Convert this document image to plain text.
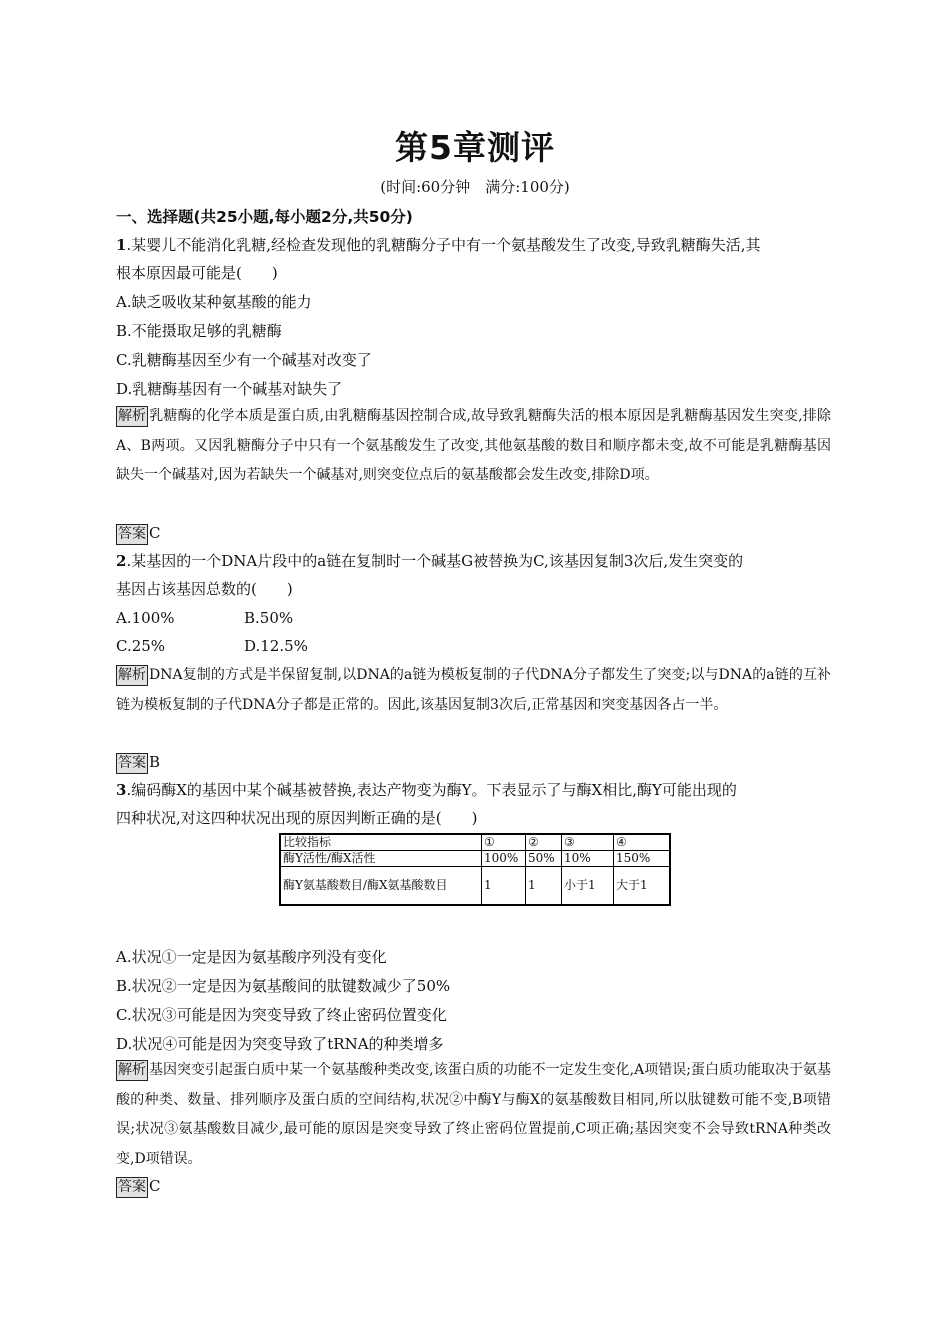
第5章测评
(时间:60分钟　满分:100分)
一、选择题(共25小题,每小题2分,共50分)
1.某婴儿不能消化乳糖,经检查发现他的乳糖酶分子中有一个氨基酸发生了改变,导致乳糖酶失活,其
根本原因最可能是(　　)
A.缺乏吸收某种氨基酸的能力
B.不能摄取足够的乳糖酶
C.乳糖酶基因至少有一个碱基对改变了
D.乳糖酶基因有一个碱基对缺失了
解析 乳糖酶的化学本质是蛋白质,由乳糖酶基因控制合成,故导致乳糖酶失活的根本原因是乳糖酶基因发生突变,排除A、B两项。又因乳糖酶分子中只有一个氨基酸发生了改变,其他氨基酸的数目和顺序都未变,故不可能是乳糖酶基因缺失一个碱基对,因为若缺失一个碱基对,则突变位点后的氨基酸都会发生改变,排除D项。
答案 C
2.某基因的一个DNA片段中的a链在复制时一个碱基G被替换为C,该基因复制3次后,发生突变的
基因占该基因总数的(　　)
A.100%	B.50%
C.25%	D.12.5%
解析 DNA复制的方式是半保留复制,以DNA的a链为模板复制的子代DNA分子都发生了突变;以与DNA的a链的互补链为模板复制的子代DNA分子都是正常的。因此,该基因复制3次后,正常基因和突变基因各占一半。
答案 B
3.编码酶X的基因中某个碱基被替换,表达产物变为酶Y。下表显示了与酶X相比,酶Y可能出现的
四种状况,对这四种状况出现的原因判断正确的是(　　)
比较指标	①	②	③	④
酶Y活性/酶X活性	100%	50%	10%	150%
酶Y氨基酸数目/酶X氨基酸数目	1	1	小于1	大于1
A.状况①一定是因为氨基酸序列没有变化
B.状况②一定是因为氨基酸间的肽键数减少了50%
C.状况③可能是因为突变导致了终止密码位置变化
D.状况④可能是因为突变导致了tRNA的种类增多
解析 基因突变引起蛋白质中某一个氨基酸种类改变,该蛋白质的功能不一定发生变化,A项错误;蛋白质功能取决于氨基酸的种类、数量、排列顺序及蛋白质的空间结构,状况②中酶Y与酶X的氨基酸数目相同,所以肽键数可能不变,B项错误;状况③氨基酸数目减少,最可能的原因是突变导致了终止密码位置提前,C项正确;基因突变不会导致tRNA种类改变,D项错误。
答案 C
